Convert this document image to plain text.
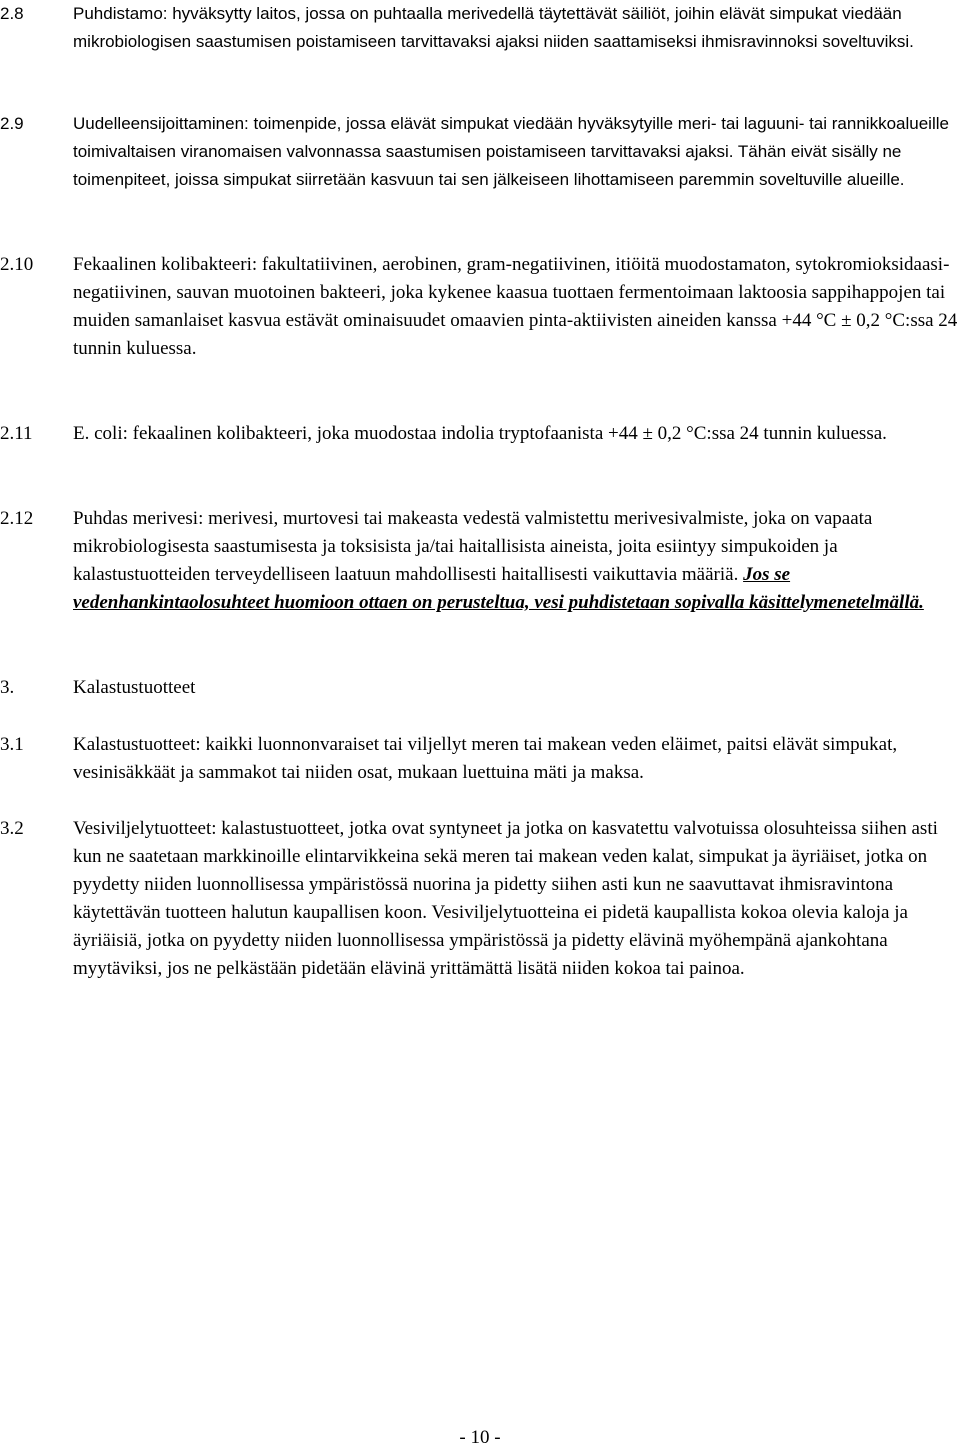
2.8	Puhdistamo: hyväksytty laitos, jossa on puhtaalla merivedellä täytettävät säiliöt, joihin elävät simpukat viedään mikrobiologisen saastumisen poistamiseen tarvittavaksi ajaksi niiden saattamiseksi ihmisravinnoksi soveltuviksi.
2.9	Uudelleensijoittaminen: toimenpide, jossa elävät simpukat viedään hyväksytyille meri- tai laguuni- tai rannikkoalueille toimivaltaisen viranomaisen valvonnassa saastumisen poistamiseen tarvittavaksi ajaksi. Tähän eivät sisälly ne toimenpiteet, joissa simpukat siirretään kasvuun tai sen jälkeiseen lihottamiseen paremmin soveltuville alueille.
2.10	Fekaalinen kolibakteeri: fakultatiivinen, aerobinen, gram-negatiivinen, itiöitä muodostamaton, sytokromioksidaasi-negatiivinen, sauvan muotoinen bakteeri, joka kykenee kaasua tuottaen fermentoimaan laktoosia sappihappojen tai muiden samanlaiset kasvua estävät ominaisuudet omaavien pinta-aktiivisten aineiden kanssa +44 °C ± 0,2 °C:ssa 24 tunnin kuluessa.
2.11	E. coli: fekaalinen kolibakteeri, joka muodostaa indolia tryptofaanista +44 ± 0,2 °C:ssa 24 tunnin kuluessa.
2.12	Puhdas merivesi: merivesi, murtovesi tai makeasta vedestä valmistettu merivesivalmiste, joka on vapaata mikrobiologisesta saastumisesta ja toksisista ja/tai haitallisista aineista, joita esiintyy simpukoiden ja kalastustuotteiden terveydelliseen laatuun mahdollisesti haitallisesti vaikuttavia määriä. Jos se vedenhankintaolosuhteet huomioon ottaen on perusteltua, vesi puhdistetaan sopivalla käsittelymenetelmällä.
3.	Kalastustuotteet
3.1	Kalastustuotteet: kaikki luonnonvaraiset tai viljellyt meren tai makean veden eläimet, paitsi elävät simpukat, vesinisäkkäät ja sammakot tai niiden osat, mukaan luettuina mäti ja maksa.
3.2	Vesiviljelytuotteet: kalastustuotteet, jotka ovat syntyneet ja jotka on kasvatettu valvotuissa olosuhteissa siihen asti kun ne saatetaan markkinoille elintarvikkeina sekä meren tai makean veden kalat, simpukat ja äyriäiset, jotka on pyydetty niiden luonnollisessa ympäristössä nuorina ja pidetty siihen asti kun ne saavuttavat ihmisravintona käytettävän tuotteen halutun kaupallisen koon. Vesiviljelytuotteina ei pidetä kaupallista kokoa olevia kaloja ja äyriäisiä, jotka on pyydetty niiden luonnollisessa ympäristössä ja pidetty elävinä myöhempänä ajankohtana myytäviksi, jos ne pelkästään pidetään elävinä yrittämättä lisätä niiden kokoa tai painoa.
- 10 -
